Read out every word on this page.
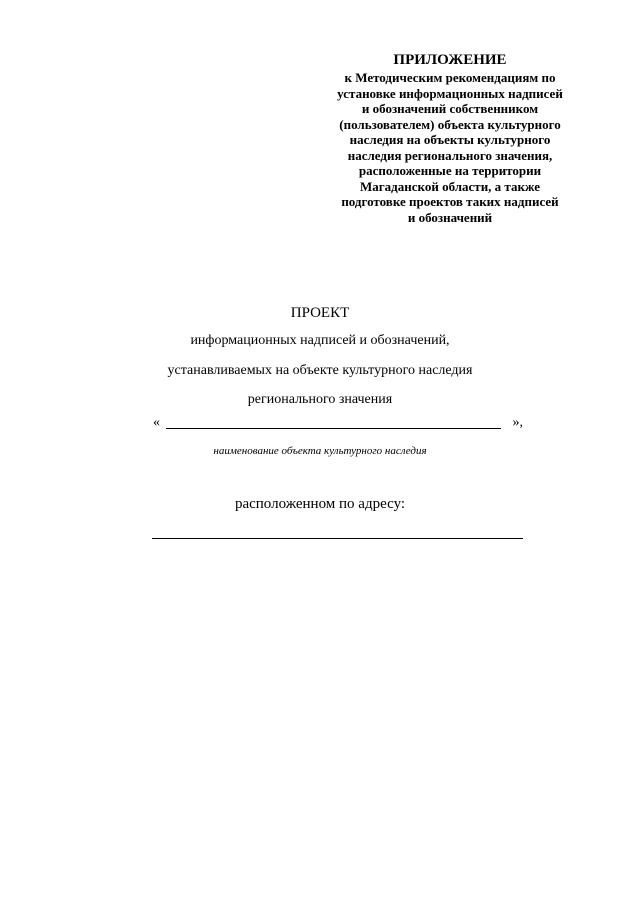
ПРИЛОЖЕНИЕ
к Методическим рекомендациям по
установке информационных надписей
и обозначений собственником
(пользователем) объекта культурного
наследия на объекты культурного
наследия регионального значения,
расположенные на территории
Магаданской области, а также
подготовке проектов таких надписей
и обозначений
ПРОЕКТ
информационных надписей и обозначений,
устанавливаемых на объекте культурного наследия
регионального значения
«	»,
наименование объекта культурного наследия
расположенном по адресу:
